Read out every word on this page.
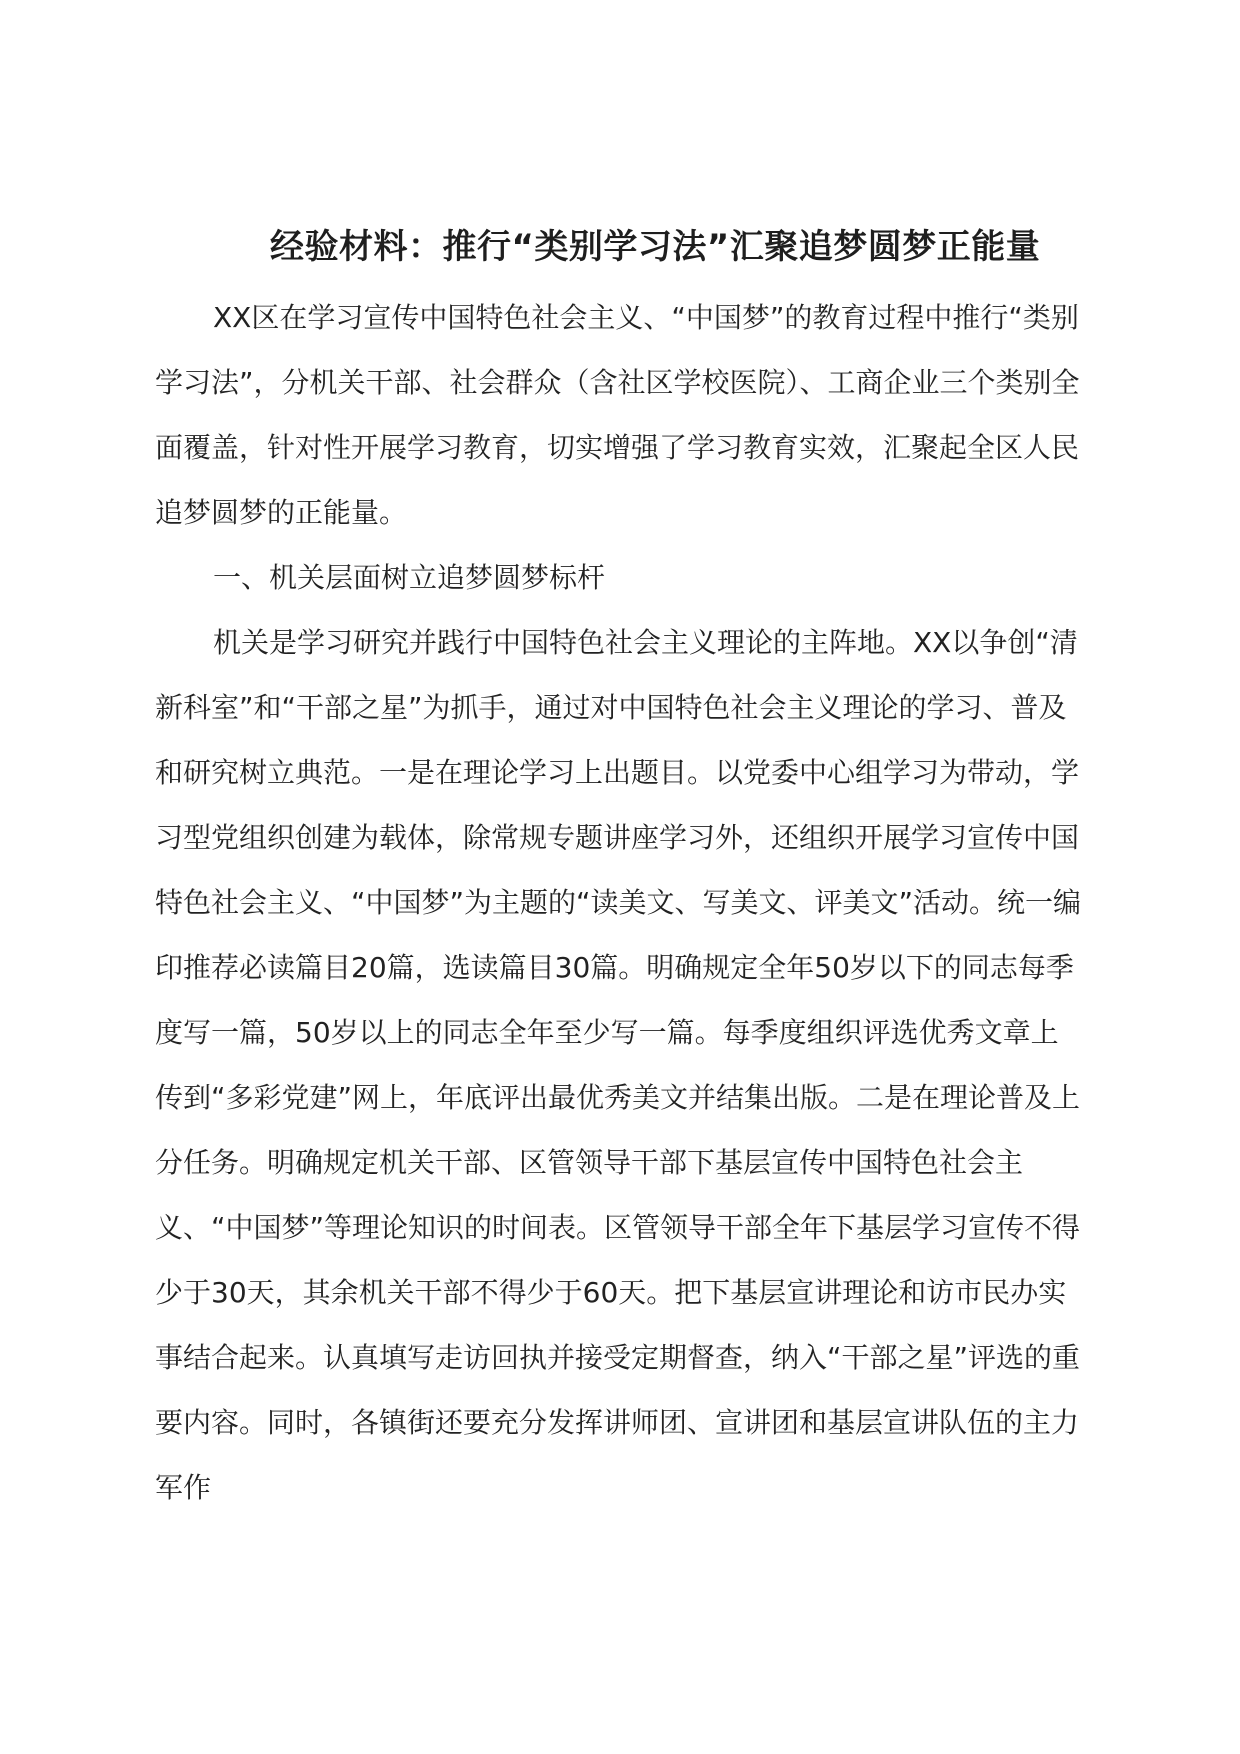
经验材料：推行“类别学习法”汇聚追梦圆梦正能量

XX区在学习宣传中国特色社会主义、“中国梦”的教育过程中推行“类别学习法”，分机关干部、社会群众（含社区学校医院）、工商企业三个类别全面覆盖，针对性开展学习教育，切实增强了学习教育实效，汇聚起全区人民追梦圆梦的正能量。

一、机关层面树立追梦圆梦标杆

机关是学习研究并践行中国特色社会主义理论的主阵地。XX以争创“清新科室”和“干部之星”为抓手，通过对中国特色社会主义理论的学习、普及和研究树立典范。一是在理论学习上出题目。以党委中心组学习为带动，学习型党组织创建为载体，除常规专题讲座学习外，还组织开展学习宣传中国特色社会主义、“中国梦”为主题的“读美文、写美文、评美文”活动。统一编印推荐必读篇目20篇，选读篇目30篇。明确规定全年50岁以下的同志每季度写一篇，50岁以上的同志全年至少写一篇。每季度组织评选优秀文章上传到“多彩党建”网上，年底评出最优秀美文并结集出版。二是在理论普及上分任务。明确规定机关干部、区管领导干部下基层宣传中国特色社会主义、“中国梦”等理论知识的时间表。区管领导干部全年下基层学习宣传不得少于30天，其余机关干部不得少于60天。把下基层宣讲理论和访市民办实事结合起来。认真填写走访回执并接受定期督查，纳入“干部之星”评选的重要内容。同时，各镇街还要充分发挥讲师团、宣讲团和基层宣讲队伍的主力军作
